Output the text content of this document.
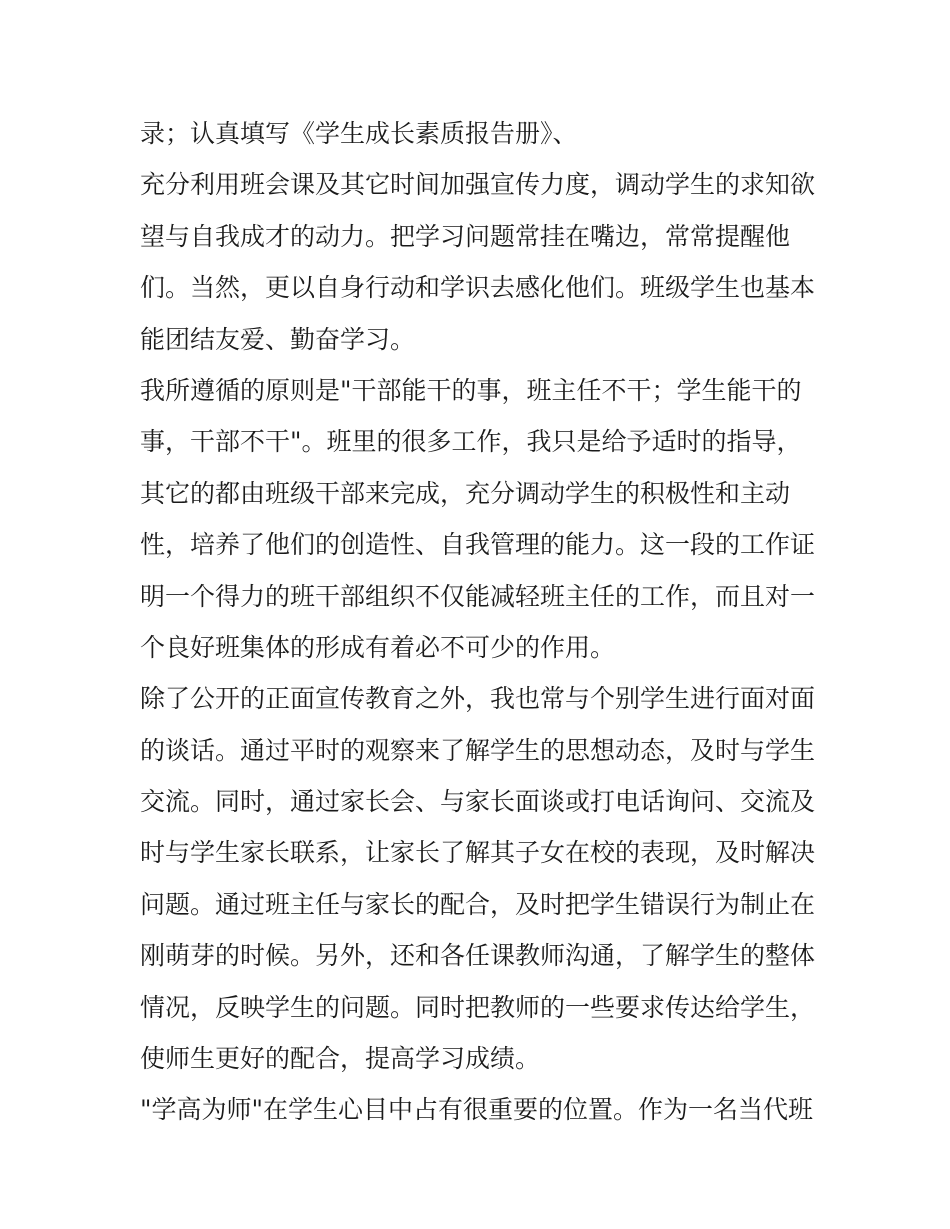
录；认真填写《学生成长素质报告册》、
充分利用班会课及其它时间加强宣传力度，调动学生的求知欲
望与自我成才的动力。把学习问题常挂在嘴边，常常提醒他
们。当然，更以自身行动和学识去感化他们。班级学生也基本
能团结友爱、勤奋学习。
我所遵循的原则是"干部能干的事，班主任不干；学生能干的
事，干部不干"。班里的很多工作，我只是给予适时的指导，
其它的都由班级干部来完成，充分调动学生的积极性和主动
性，培养了他们的创造性、自我管理的能力。这一段的工作证
明一个得力的班干部组织不仅能减轻班主任的工作，而且对一
个良好班集体的形成有着必不可少的作用。
除了公开的正面宣传教育之外，我也常与个别学生进行面对面
的谈话。通过平时的观察来了解学生的思想动态，及时与学生
交流。同时，通过家长会、与家长面谈或打电话询问、交流及
时与学生家长联系，让家长了解其子女在校的表现，及时解决
问题。通过班主任与家长的配合，及时把学生错误行为制止在
刚萌芽的时候。另外，还和各任课教师沟通，了解学生的整体
情况，反映学生的问题。同时把教师的一些要求传达给学生，
使师生更好的配合，提高学习成绩。
"学高为师"在学生心目中占有很重要的位置。作为一名当代班
